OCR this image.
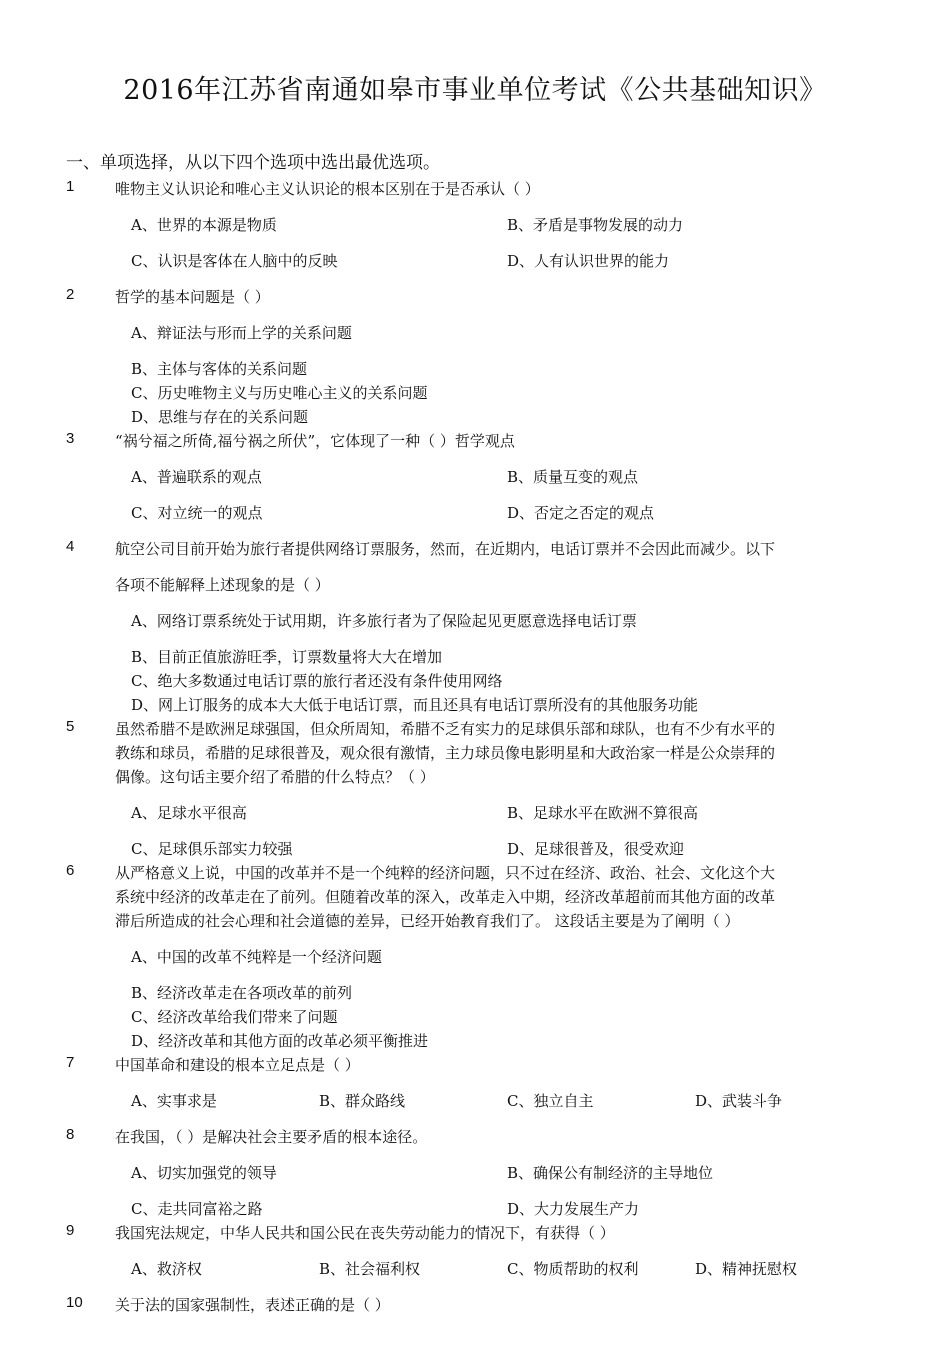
2016年江苏省南通如皋市事业单位考试《公共基础知识》
一、单项选择，从以下四个选项中选出最优选项。
1	唯物主义认识论和唯心主义认识论的根本区别在于是否承认（ ）
A、世界的本源是物质	B、矛盾是事物发展的动力
C、认识是客体在人脑中的反映	D、人有认识世界的能力
2	哲学的基本问题是（ ）
A、辩证法与形而上学的关系问题
B、主体与客体的关系问题
C、历史唯物主义与历史唯心主义的关系问题
D、思维与存在的关系问题
3	“祸兮福之所倚,福兮祸之所伏”，它体现了一种（ ）哲学观点
A、普遍联系的观点	B、质量互变的观点
C、对立统一的观点	D、否定之否定的观点
4	航空公司目前开始为旅行者提供网络订票服务，然而，在近期内，电话订票并不会因此而减少。以下
各项不能解释上述现象的是（ ）
A、网络订票系统处于试用期，许多旅行者为了保险起见更愿意选择电话订票
B、目前正值旅游旺季，订票数量将大大在增加
C、绝大多数通过电话订票的旅行者还没有条件使用网络
D、网上订服务的成本大大低于电话订票，而且还具有电话订票所没有的其他服务功能
5	虽然希腊不是欧洲足球强国，但众所周知，希腊不乏有实力的足球俱乐部和球队，也有不少有水平的
教练和球员，希腊的足球很普及，观众很有激情，主力球员像电影明星和大政治家一样是公众崇拜的
偶像。这句话主要介绍了希腊的什么特点？（ ）
A、足球水平很高	B、足球水平在欧洲不算很高
C、足球俱乐部实力较强	D、足球很普及，很受欢迎
6	从严格意义上说，中国的改革并不是一个纯粹的经济问题，只不过在经济、政治、社会、文化这个大
系统中经济的改革走在了前列。但随着改革的深入，改革走入中期，经济改革超前而其他方面的改革
滞后所造成的社会心理和社会道德的差异，已经开始教育我们了。 这段话主要是为了阐明（ ）
A、中国的改革不纯粹是一个经济问题
B、经济改革走在各项改革的前列
C、经济改革给我们带来了问题
D、经济改革和其他方面的改革必须平衡推进
7	中国革命和建设的根本立足点是（ ）
A、实事求是	B、群众路线	C、独立自主	D、武装斗争
8	在我国，（ ）是解决社会主要矛盾的根本途径。
A、切实加强党的领导	B、确保公有制经济的主导地位
C、走共同富裕之路	D、大力发展生产力
9	我国宪法规定，中华人民共和国公民在丧失劳动能力的情况下，有获得（ ）
A、救济权	B、社会福利权	C、物质帮助的权利	D、精神抚慰权
10 关于法的国家强制性，表述正确的是（ ）
